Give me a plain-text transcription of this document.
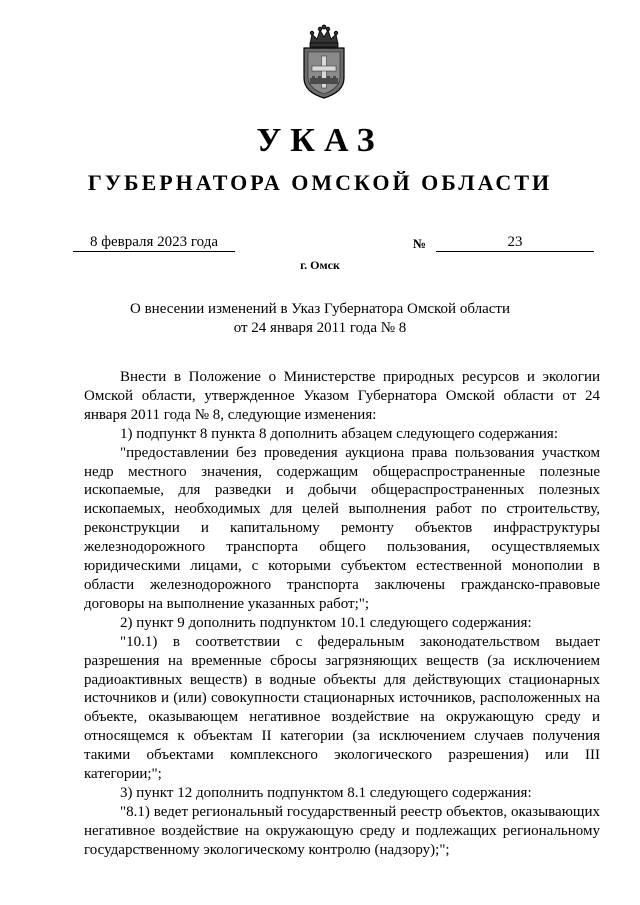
УКАЗ
ГУБЕРНАТОРА ОМСКОЙ ОБЛАСТИ
8 февраля 2023 года	№	23
г. Омск
О внесении изменений в Указ Губернатора Омской области
от 24 января 2011 года № 8

Внести в Положение о Министерстве природных ресурсов и экологии Омской области, утвержденное Указом Губернатора Омской области от 24 января 2011 года № 8, следующие изменения:

1) подпункт 8 пункта 8 дополнить абзацем следующего содержания:

"предоставлении без проведения аукциона права пользования участком недр местного значения, содержащим общераспространенные полезные ископаемые, для разведки и добычи общераспространенных полезных ископаемых, необходимых для целей выполнения работ по строительству, реконструкции и капитальному ремонту объектов инфраструктуры железнодорожного транспорта общего пользования, осуществляемых юридическими лицами, с которыми субъектом естественной монополии в области железнодорожного транспорта заключены гражданско-правовые договоры на выполнение указанных работ;";

2) пункт 9 дополнить подпунктом 10.1 следующего содержания:

"10.1) в соответствии с федеральным законодательством выдает разрешения на временные сбросы загрязняющих веществ (за исключением радиоактивных веществ) в водные объекты для действующих стационарных источников и (или) совокупности стационарных источников, расположенных на объекте, оказывающем негативное воздействие на окружающую среду и относящемся к объектам II категории (за исключением случаев получения такими объектами комплексного экологического разрешения) или III категории;";

3) пункт 12 дополнить подпунктом 8.1 следующего содержания:

"8.1) ведет региональный государственный реестр объектов, оказывающих негативное воздействие на окружающую среду и подлежащих региональному государственному экологическому контролю (надзору);";
